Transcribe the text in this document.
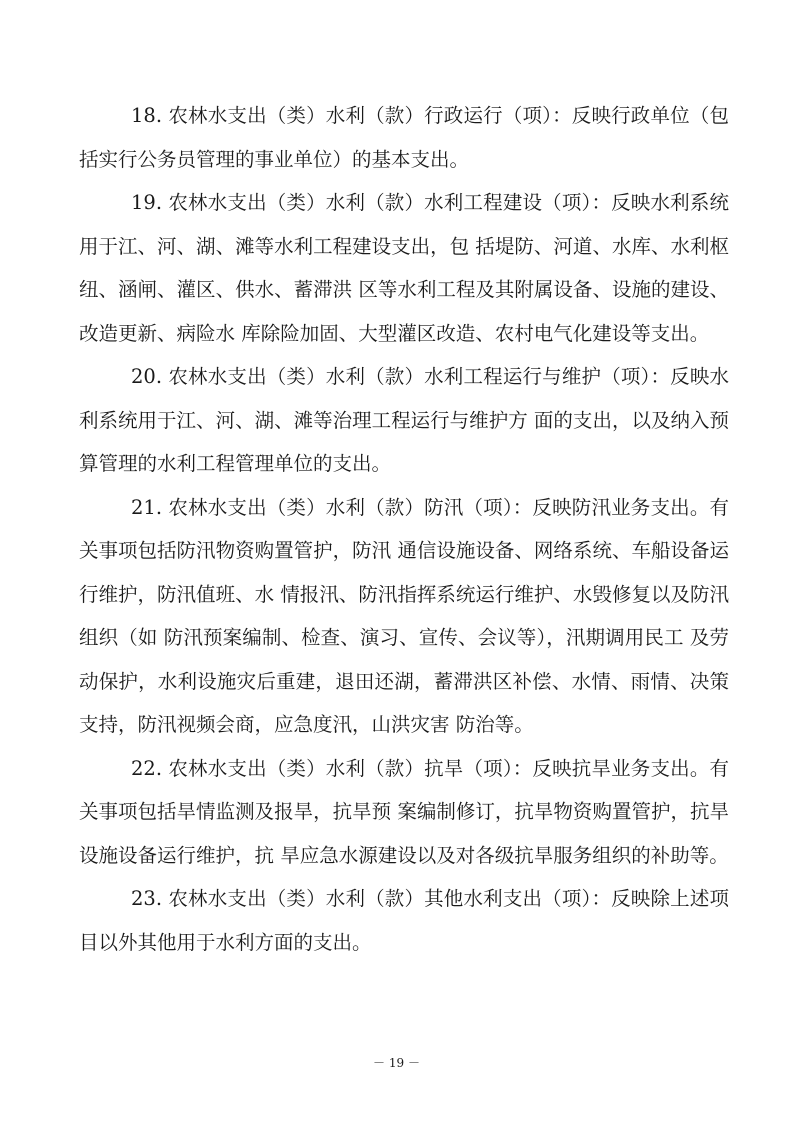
18. 农林水支出（类）水利（款）行政运行（项）：反映行政单位（包括实行公务员管理的事业单位）的基本支出。

19. 农林水支出（类）水利（款）水利工程建设（项）：反映水利系统用于江、河、湖、滩等水利工程建设支出，包 括堤防、河道、水库、水利枢纽、涵闸、灌区、供水、蓄滞洪 区等水利工程及其附属设备、设施的建设、改造更新、病险水 库除险加固、大型灌区改造、农村电气化建设等支出。

20. 农林水支出（类）水利（款）水利工程运行与维护（项）：反映水利系统用于江、河、湖、滩等治理工程运行与维护方 面的支出，以及纳入预算管理的水利工程管理单位的支出。

21. 农林水支出（类）水利（款）防汛（项）：反映防汛业务支出。有关事项包括防汛物资购置管护，防汛 通信设施设备、网络系统、车船设备运行维护，防汛值班、水 情报汛、防汛指挥系统运行维护、水毁修复以及防汛组织（如 防汛预案编制、检查、演习、宣传、会议等），汛期调用民工 及劳动保护，水利设施灾后重建，退田还湖，蓄滞洪区补偿、水情、雨情、决策支持，防汛视频会商，应急度汛，山洪灾害 防治等。

22. 农林水支出（类）水利（款）抗旱（项）：反映抗旱业务支出。有关事项包括旱情监测及报旱，抗旱预 案编制修订，抗旱物资购置管护，抗旱设施设备运行维护，抗 旱应急水源建设以及对各级抗旱服务组织的补助等。

23. 农林水支出（类）水利（款）其他水利支出（项）：反映除上述项目以外其他用于水利方面的支出。

－ 19 －
